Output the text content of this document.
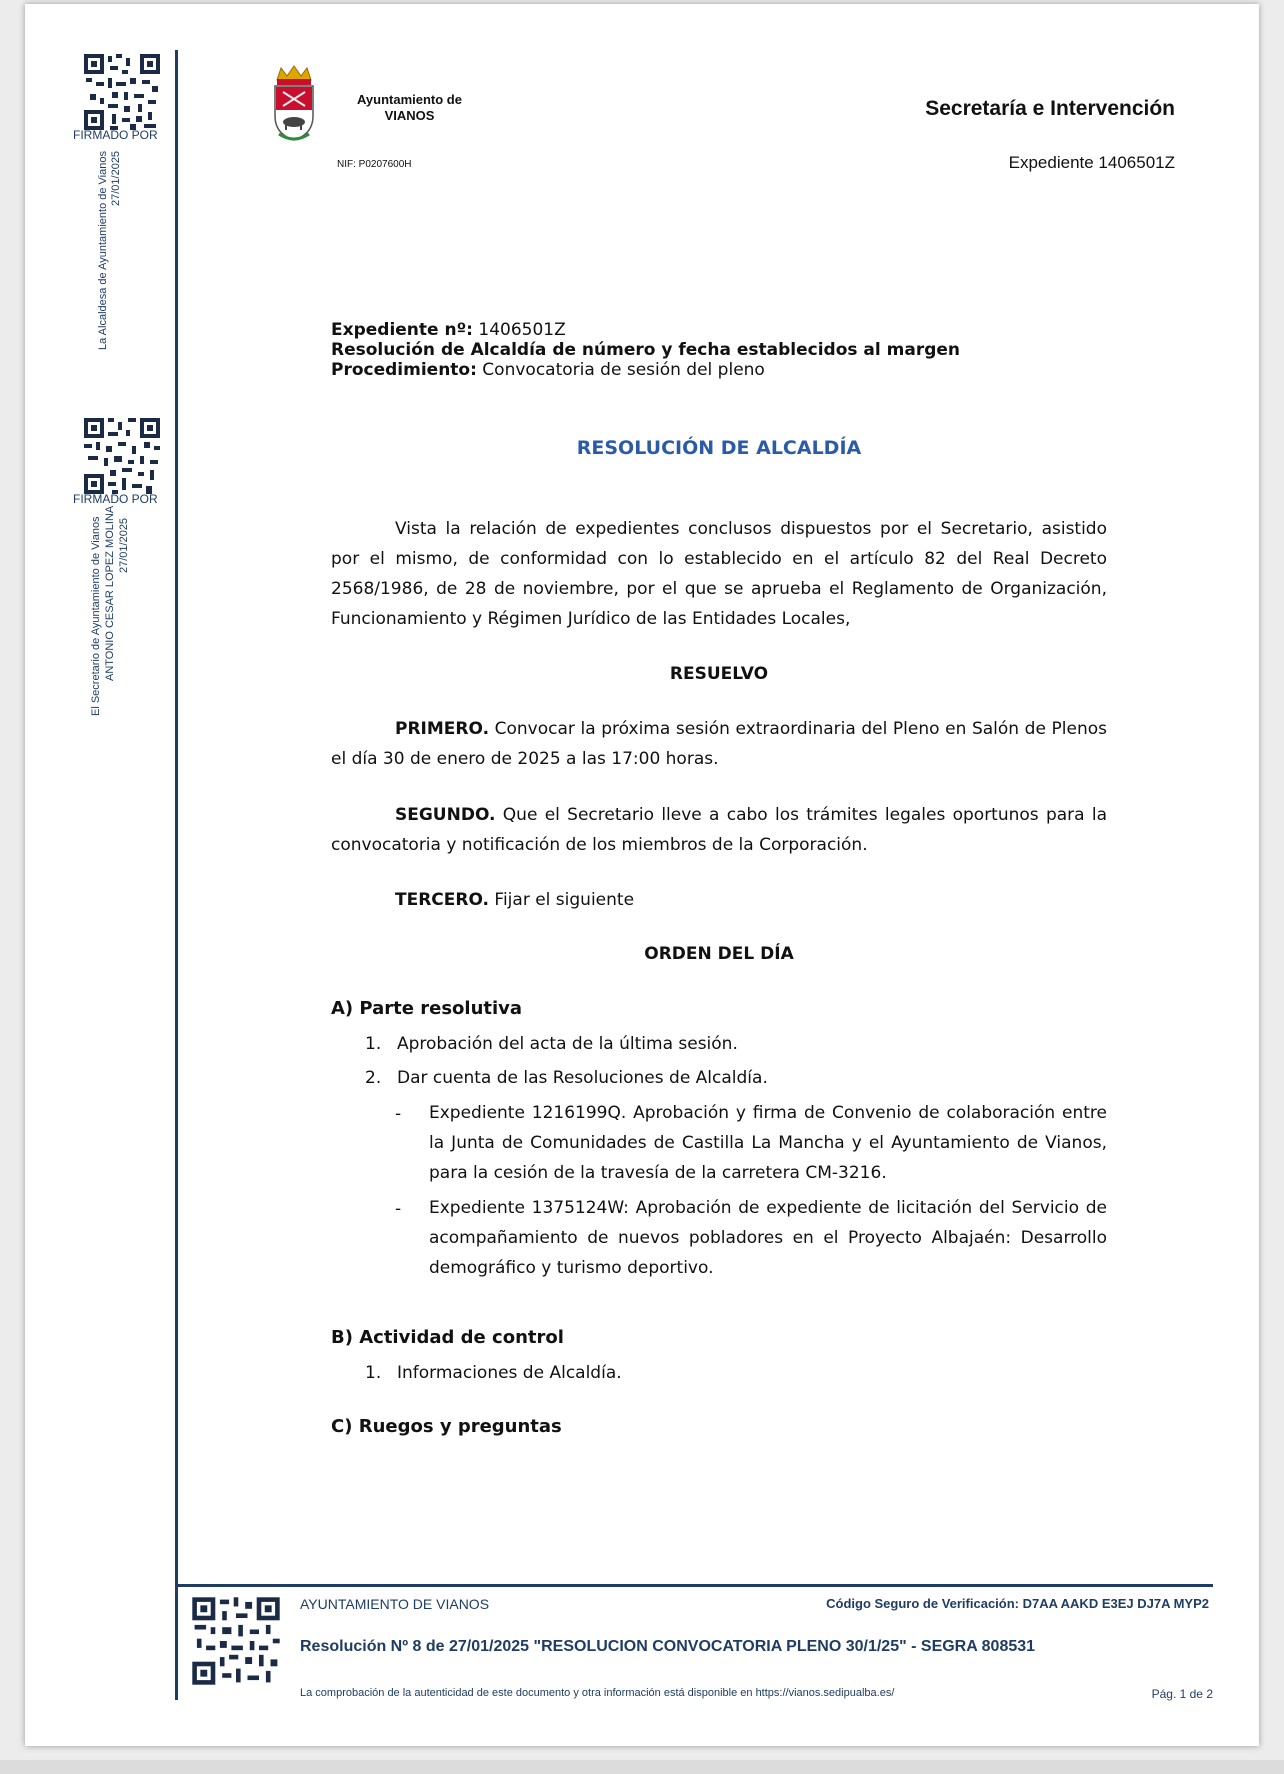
FIRMADO POR
La Alcaldesa de Ayuntamiento de Vianos 27/01/2025
FIRMADO POR
El Secretario de Ayuntamiento de Vianos ANTONIO CESAR LOPEZ MOLINA 27/01/2025
Ayuntamiento de
VIANOS
NIF: P0207600H
Secretaría e Intervención
Expediente 1406501Z
Expediente nº: 1406501Z
Resolución de Alcaldía de número y fecha establecidos al margen
Procedimiento: Convocatoria de sesión del pleno
RESOLUCIÓN DE ALCALDÍA

Vista la relación de expedientes conclusos dispuestos por el Secretario, asistido por el mismo, de conformidad con lo establecido en el artículo 82 del Real Decreto 2568/1986, de 28 de noviembre, por el que se aprueba el Reglamento de Organización, Funcionamiento y Régimen Jurídico de las Entidades Locales,

RESUELVO

PRIMERO. Convocar la próxima sesión extraordinaria del Pleno en Salón de Plenos el día 30 de enero de 2025 a las 17:00 horas.

SEGUNDO. Que el Secretario lleve a cabo los trámites legales oportunos para la convocatoria y notificación de los miembros de la Corporación.

TERCERO. Fijar el siguiente

ORDEN DEL DÍA
A) Parte resolutiva
1. Aprobación del acta de la última sesión.
2. Dar cuenta de las Resoluciones de Alcaldía.
- Expediente 1216199Q. Aprobación y firma de Convenio de colaboración entre la Junta de Comunidades de Castilla La Mancha y el Ayuntamiento de Vianos, para la cesión de la travesía de la carretera CM-3216.

- Expediente 1375124W: Aprobación de expediente de licitación del Servicio de acompañamiento de nuevos pobladores en el Proyecto Albajaén: Desarrollo demográfico y turismo deportivo.

B) Actividad de control
1. Informaciones de Alcaldía.
C) Ruegos y preguntas
AYUNTAMIENTO DE VIANOS	Código Seguro de Verificación: D7AA AAKD E3EJ DJ7A MYP2
Resolución Nº 8 de 27/01/2025 "RESOLUCION CONVOCATORIA PLENO 30/1/25" - SEGRA 808531
La comprobación de la autenticidad de este documento y otra información está disponible en https://vianos.sedipualba.es/	Pág. 1 de 2
